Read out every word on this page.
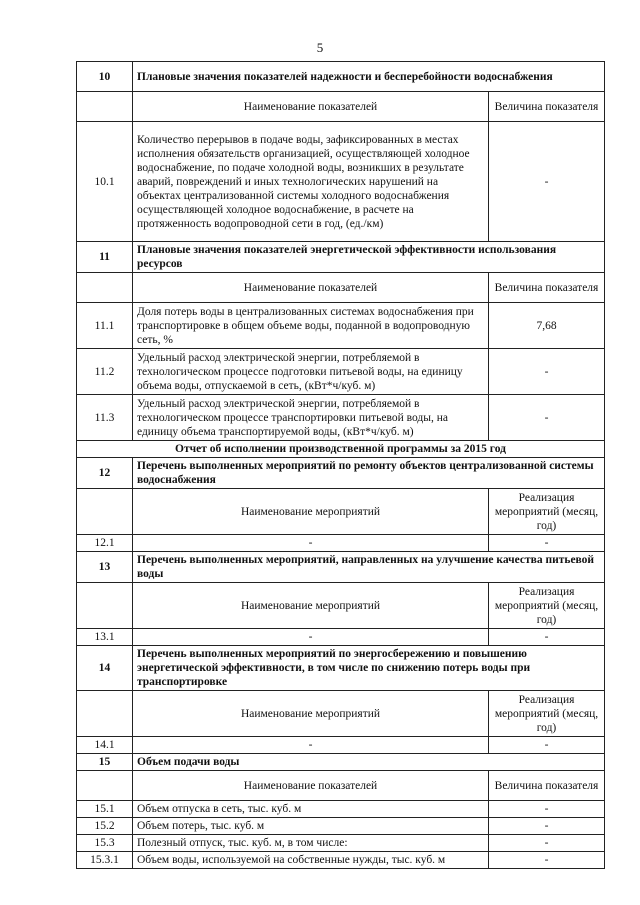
5
10	Плановые значения показателей надежности и бесперебойности водоснабжения	
	Наименование показателей	Величина показателя
10.1	Количество перерывов в подаче воды, зафиксированных в местах исполнения обязательств организацией, осуществляющей холодное водоснабжение, по подаче холодной воды, возникших в результате аварий, повреждений и иных технологических нарушений на объектах централизованной системы холодного водоснабжения осуществляющей холодное водоснабжение, в расчете на протяженность водопроводной сети в год, (ед./км)	-
11	Плановые значения показателей энергетической эффективности использования ресурсов	
	Наименование показателей	Величина показателя
11.1	Доля потерь воды в централизованных системах водоснабжения при транспортировке в общем объеме воды, поданной в водопроводную сеть, %	7,68
11.2	Удельный расход электрической энергии, потребляемой в технологическом процессе подготовки питьевой воды, на единицу объема воды, отпускаемой в сеть, (кВт*ч/куб. м)	-
11.3	Удельный расход электрической энергии, потребляемой в технологическом процессе транспортировки питьевой воды, на единицу объема транспортируемой воды, (кВт*ч/куб. м)	-
Отчет об исполнении производственной программы за 2015 год		
12	Перечень выполненных мероприятий по ремонту объектов централизованной системы водоснабжения	
	Наименование мероприятий	Реализация мероприятий (месяц, год)
12.1	-	-
13	Перечень выполненных мероприятий, направленных на улучшение качества питьевой воды	
	Наименование мероприятий	Реализация мероприятий (месяц, год)
13.1	-	-
14	Перечень выполненных мероприятий по энергосбережению и повышению энергетической эффективности, в том числе по снижению потерь воды при транспортировке	
	Наименование мероприятий	Реализация мероприятий (месяц, год)
14.1	-	-
15	Объем подачи воды	
	Наименование показателей	Величина показателя
15.1	Объем отпуска в сеть, тыс. куб. м	-
15.2	Объем потерь, тыс. куб. м	-
15.3	Полезный отпуск, тыс. куб. м, в том числе:	-
15.3.1	Объем воды, используемой на собственные нужды, тыс. куб. м	-
